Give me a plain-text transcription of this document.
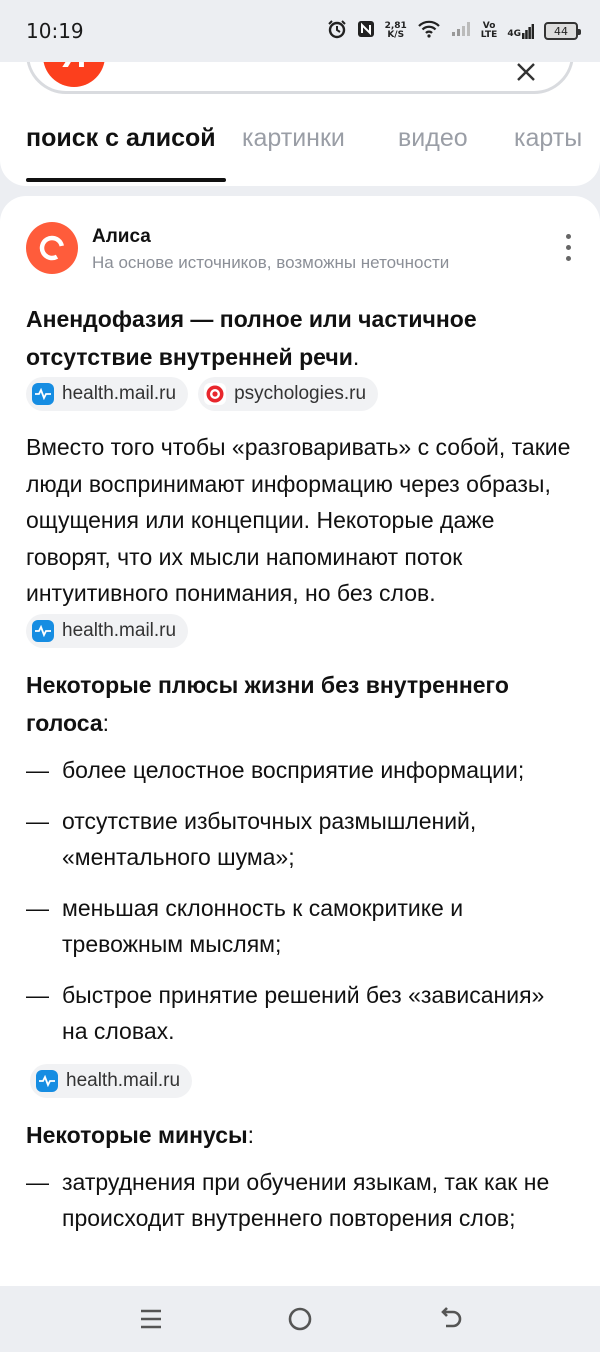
10:19	2,81
K/S
Vo
LTE 4G	44
поиск с алисой картинки видео карты
Алиса
На основе источников, возможны неточности
Анендофазия — полное или частичное отсутствие внутренней речи.
health.mail.ru	psychologies.ru
Вместо того чтобы «разговаривать» с собой, такие люди воспринимают информацию через образы, ощущения или концепции. Некоторые даже говорят, что их мысли напоминают поток интуитивного понимания, но без слов.
health.mail.ru
Некоторые плюсы жизни без внутреннего голоса:
— более целостное восприятие информации;
— отсутствие избыточных размышлений, «ментального шума»;
— меньшая склонность к самокритике и тревожным мыслям;
— быстрое принятие решений без «зависания» на словах.
health.mail.ru
Некоторые минусы:
— затруднения при обучении языкам, так как не происходит внутреннего повторения слов;
